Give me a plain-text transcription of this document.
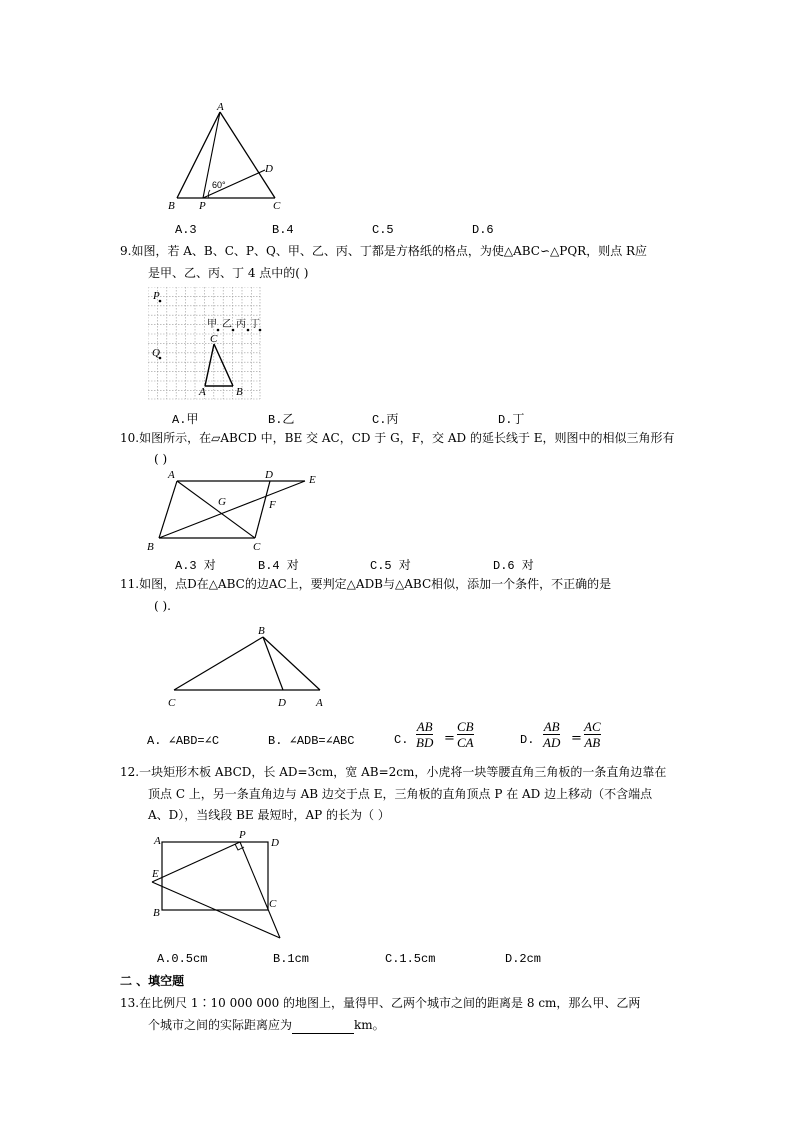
A
B P	C
D
60°
A.3	B.4	C.5	D.6
9.如图，若 A、B、C、P、Q、甲、乙、丙、丁都是方格纸的格点，为使△ABC∽△PQR，则点 R应
是甲、乙、丙、丁 4 点中的( )
P
Q
A	B
C
甲 乙 丙 丁
A.甲	B.乙	C.丙	D.丁
10.如图所示，在▱ABCD 中，BE 交 AC，CD 于 G，F，交 AD 的延长线于 E，则图中的相似三角形有
( )
A	D	E
G	F
B	C
A.3 对	B.4 对	C.5 对	D.6 对
11.如图，点D在△ABC的边AC上，要判定△ADB与△ABC相似，添加一个条件，不正确的是
( ).
B
C	D	A
A. ∠ABD=∠C	B. ∠ADB=∠ABC	C. $\frac{AB}{BD} = \frac{CB}{CA}$	D. $\frac{AB}{AD} = \frac{AC}{AB}$
12.一块矩形木板 ABCD，长 AD=3cm，宽 AB=2cm，小虎将一块等腰直角三角板的一条直角边靠在
顶点 C 上，另一条直角边与 AB 边交于点 E，三角板的直角顶点 P 在 AD 边上移动（不含端点
A、D），当线段 BE 最短时，AP 的长为（ ）
A	P
D
E
B
C
A.0.5cm	B.1cm	C.1.5cm	D.2cm
二 、填空题
13.在比例尺 1∶10 000 000 的地图上，量得甲、乙两个城市之间的距离是 8 cm，那么甲、乙两
个城市之间的实际距离应为	km。
